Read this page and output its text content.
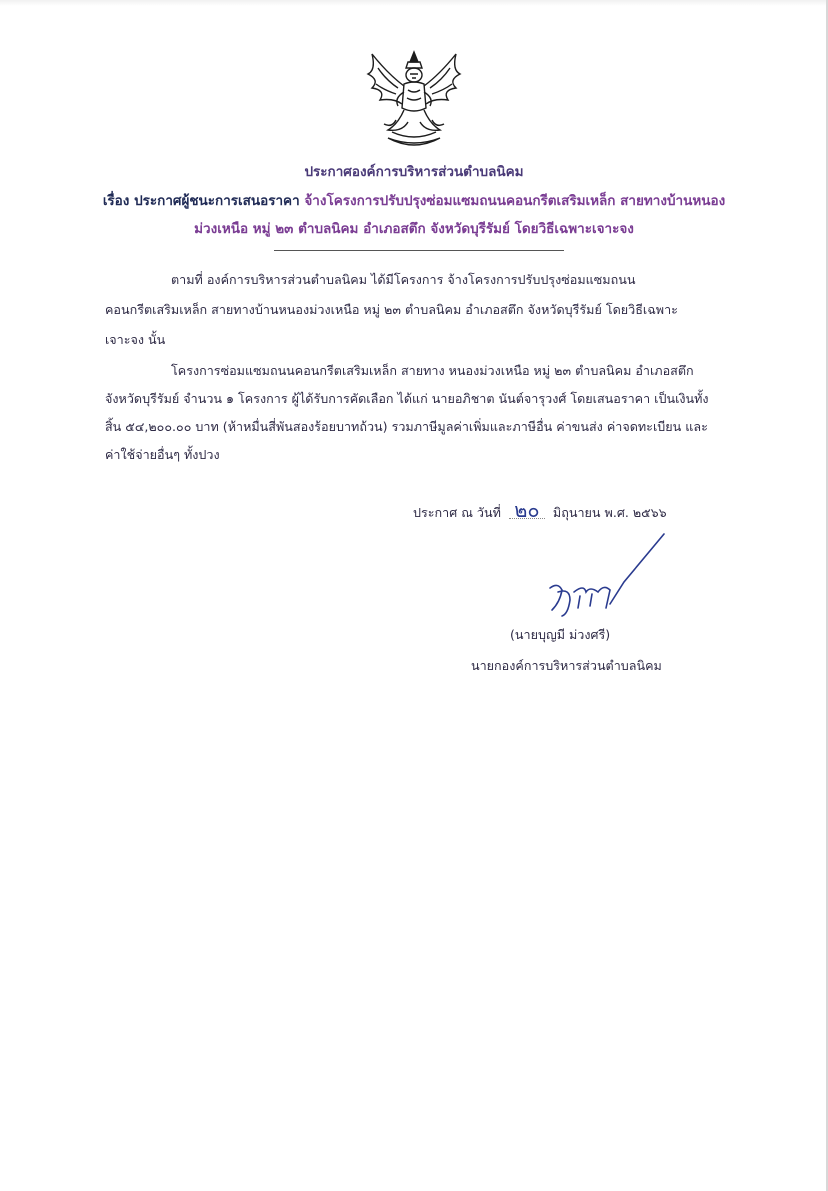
ประกาศองค์การบริหารส่วนตำบลนิคม
เรื่อง ประกาศผู้ชนะการเสนอราคา จ้างโครงการปรับปรุงซ่อมแซมถนนคอนกรีตเสริมเหล็ก สายทางบ้านหนอง
ม่วงเหนือ หมู่ ๒๓ ตำบลนิคม อำเภอสตึก จังหวัดบุรีรัมย์ โดยวิธีเฉพาะเจาะจง
ตามที่ องค์การบริหารส่วนตำบลนิคม ได้มีโครงการ จ้างโครงการปรับปรุงซ่อมแซมถนน
คอนกรีตเสริมเหล็ก สายทางบ้านหนองม่วงเหนือ หมู่ ๒๓ ตำบลนิคม อำเภอสตึก จังหวัดบุรีรัมย์ โดยวิธีเฉพาะ
เจาะจง นั้น
โครงการซ่อมแซมถนนคอนกรีตเสริมเหล็ก สายทาง หนองม่วงเหนือ หมู่ ๒๓ ตำบลนิคม อำเภอสตึก
จังหวัดบุรีรัมย์ จำนวน ๑ โครงการ ผู้ได้รับการคัดเลือก ได้แก่ นายอภิชาต นันต์จารุวงศ์ โดยเสนอราคา เป็นเงินทั้ง
สิ้น ๕๔,๒๐๐.๐๐ บาท (ห้าหมื่นสี่พันสองร้อยบาทถ้วน) รวมภาษีมูลค่าเพิ่มและภาษีอื่น ค่าขนส่ง ค่าจดทะเบียน และ
ค่าใช้จ่ายอื่นๆ ทั้งปวง
ประกาศ ณ วันที่ ๒๐ มิถุนายน พ.ศ. ๒๕๖๖
(นายบุญมี ม่วงศรี)
นายกองค์การบริหารส่วนตำบลนิคม
